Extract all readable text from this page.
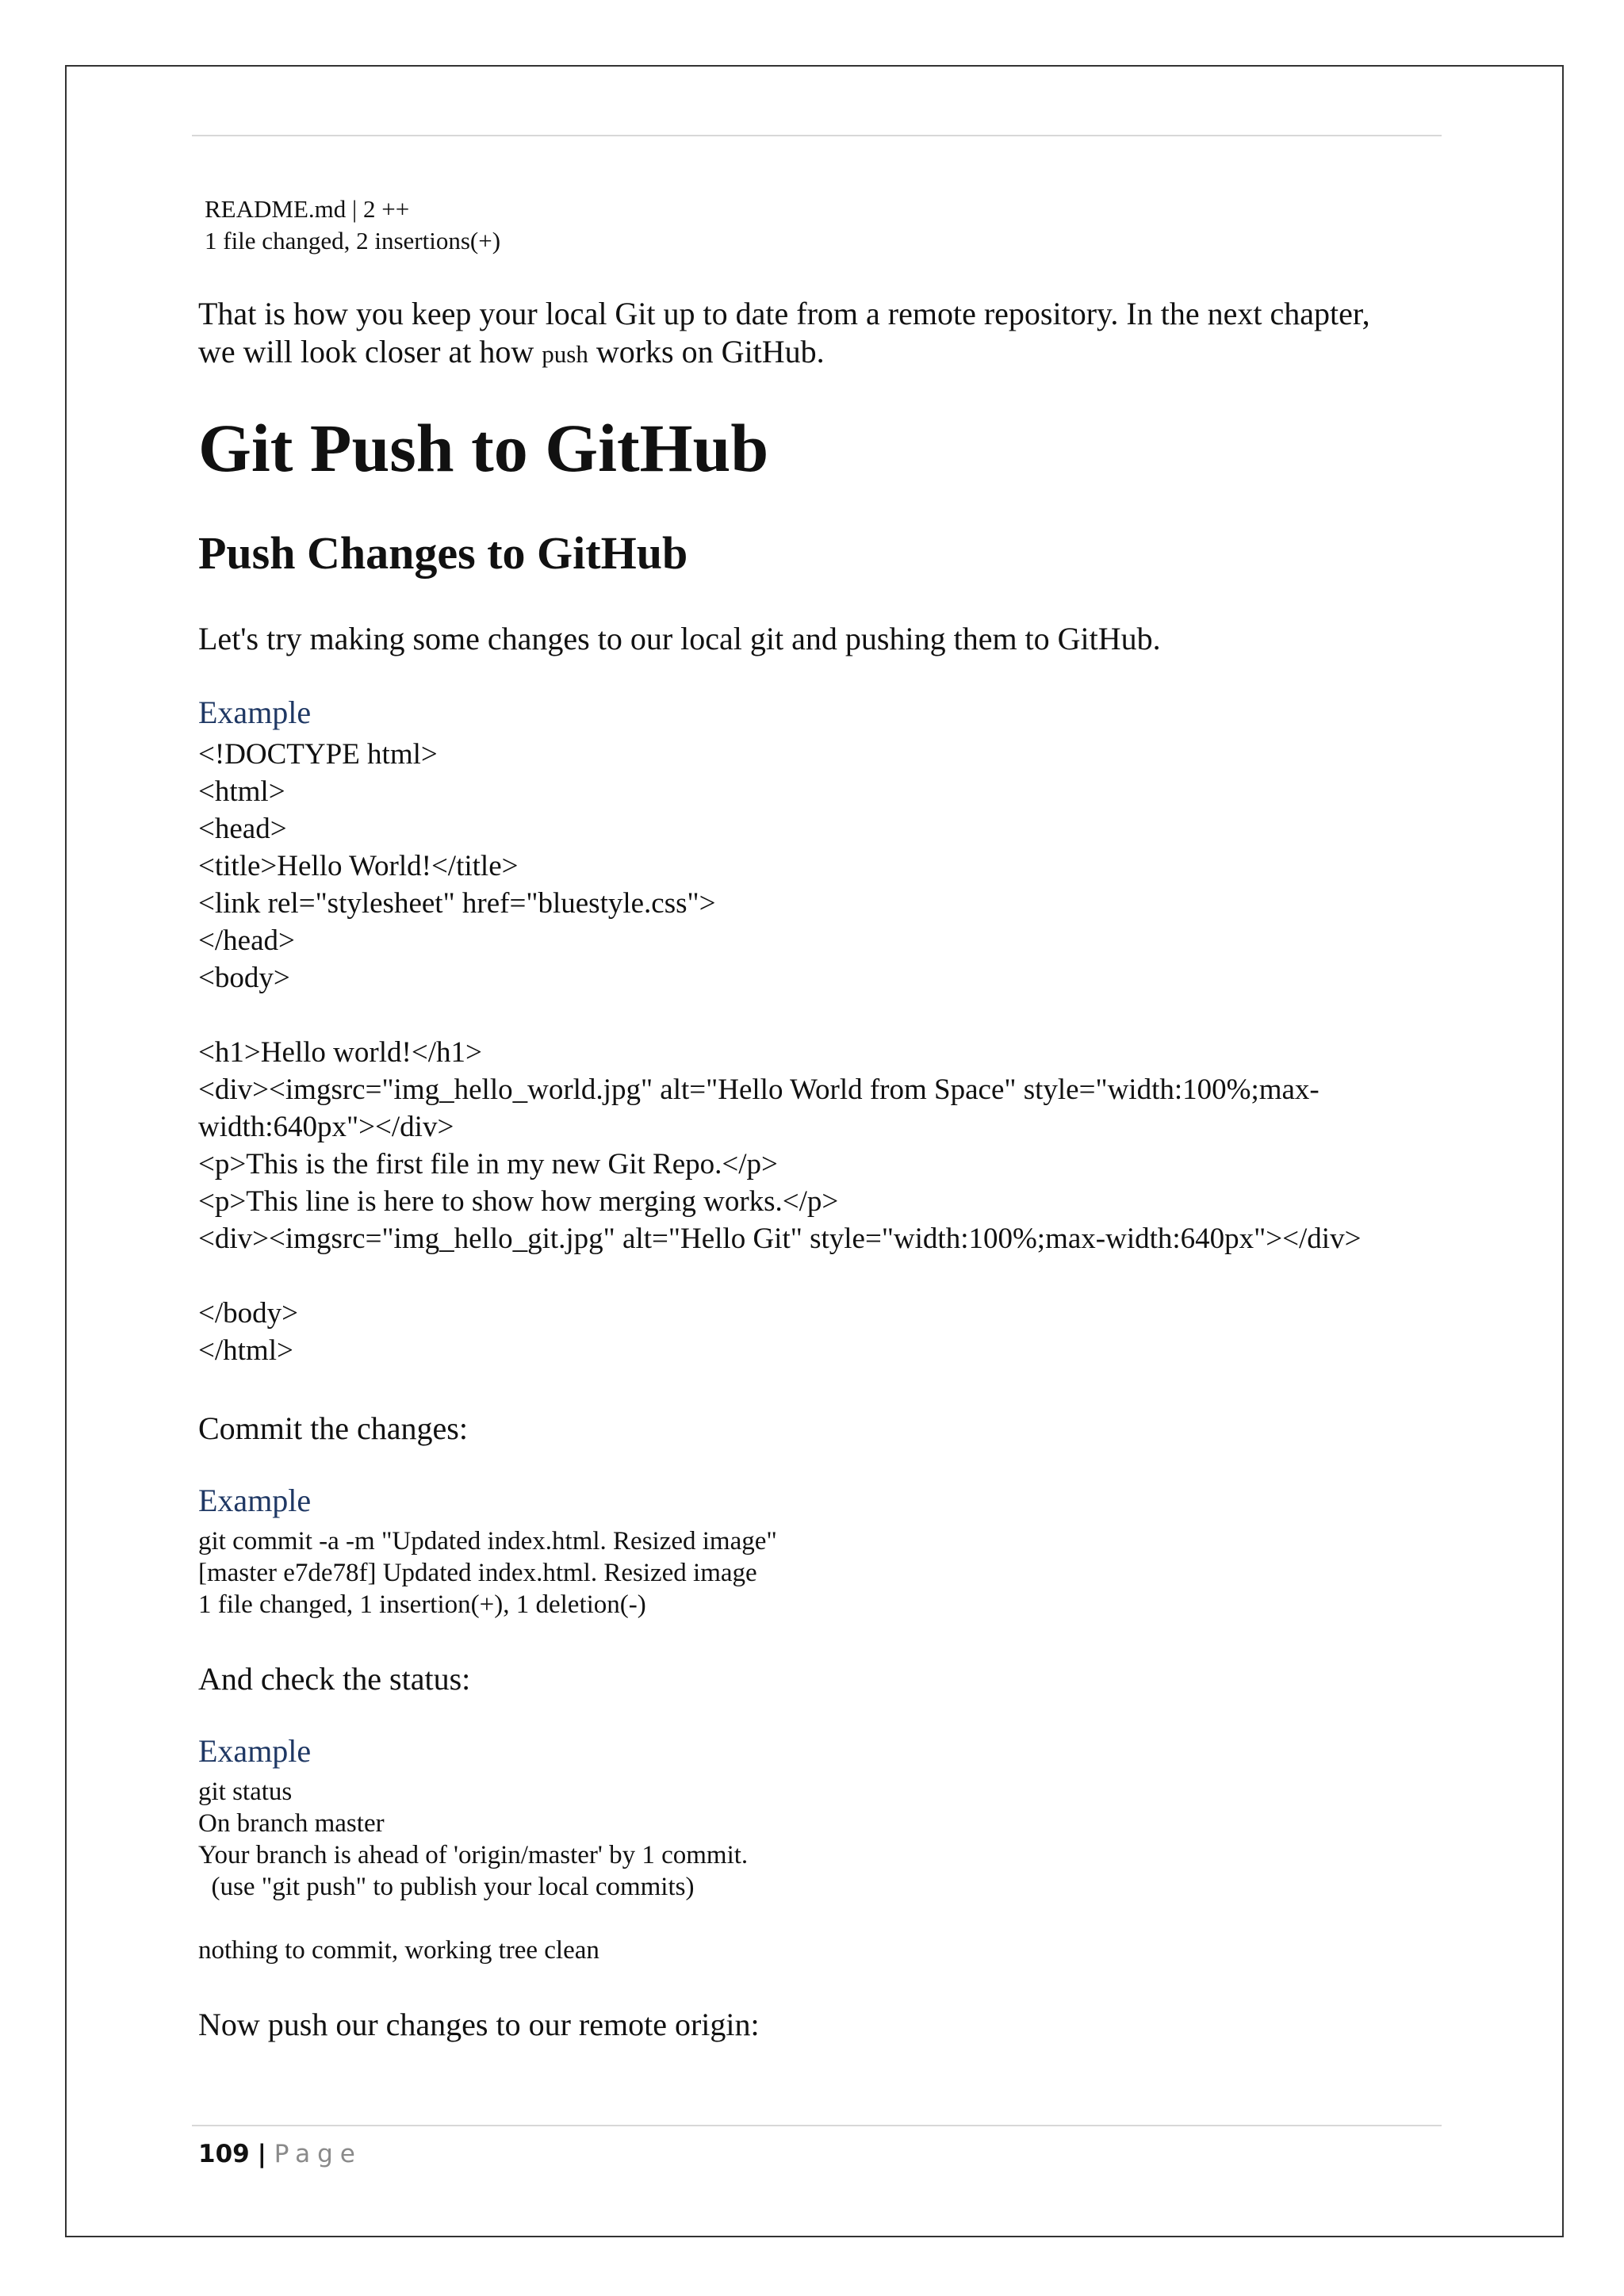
README.md | 2 ++
1 file changed, 2 insertions(+)
That is how you keep your local Git up to date from a remote repository. In the next chapter,
we will look closer at how push works on GitHub.
Git Push to GitHub
Push Changes to GitHub
Let's try making some changes to our local git and pushing them to GitHub.
Example
<!DOCTYPE html>
<html>
<head>
<title>Hello World!</title>
<link rel="stylesheet" href="bluestyle.css">
</head>
<body>

<h1>Hello world!</h1>
<div><imgsrc="img_hello_world.jpg" alt="Hello World from Space" style="width:100%;max-
width:640px"></div>
<p>This is the first file in my new Git Repo.</p>
<p>This line is here to show how merging works.</p>
<div><imgsrc="img_hello_git.jpg" alt="Hello Git" style="width:100%;max-width:640px"></div>

</body>
</html>
Commit the changes:
Example
git commit -a -m "Updated index.html. Resized image"
[master e7de78f] Updated index.html. Resized image
1 file changed, 1 insertion(+), 1 deletion(-)
And check the status:
Example
git status
On branch master
Your branch is ahead of 'origin/master' by 1 commit.
(use "git push" to publish your local commits)

nothing to commit, working tree clean
Now push our changes to our remote origin:
109 | Page
